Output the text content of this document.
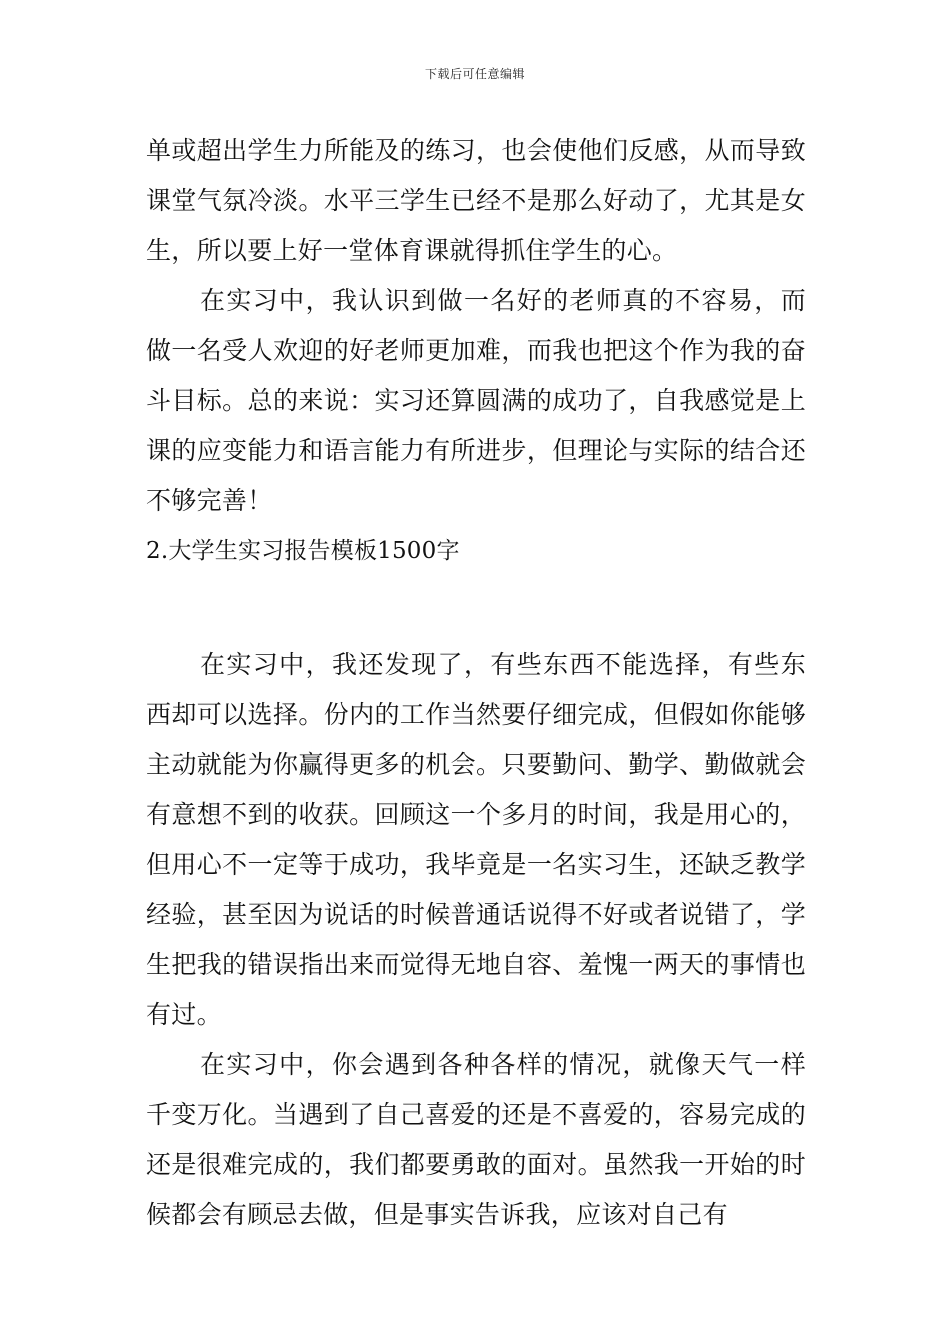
下载后可任意编辑

单或超出学生力所能及的练习，也会使他们反感，从而导致课堂气氛冷淡。水平三学生已经不是那么好动了，尤其是女生，所以要上好一堂体育课就得抓住学生的心。

在实习中，我认识到做一名好的老师真的不容易，而做一名受人欢迎的好老师更加难，而我也把这个作为我的奋斗目标。总的来说：实习还算圆满的成功了，自我感觉是上课的应变能力和语言能力有所进步，但理论与实际的结合还不够完善！

2.大学生实习报告模板1500字

在实习中，我还发现了，有些东西不能选择，有些东西却可以选择。份内的工作当然要仔细完成，但假如你能够主动就能为你赢得更多的机会。只要勤问、勤学、勤做就会有意想不到的收获。回顾这一个多月的时间，我是用心的，但用心不一定等于成功，我毕竟是一名实习生，还缺乏教学经验，甚至因为说话的时候普通话说得不好或者说错了，学生把我的错误指出来而觉得无地自容、羞愧一两天的事情也有过。

在实习中，你会遇到各种各样的情况，就像天气一样千变万化。当遇到了自己喜爱的还是不喜爱的，容易完成的还是很难完成的，我们都要勇敢的面对。虽然我一开始的时候都会有顾忌去做，但是事实告诉我，应该对自己有
